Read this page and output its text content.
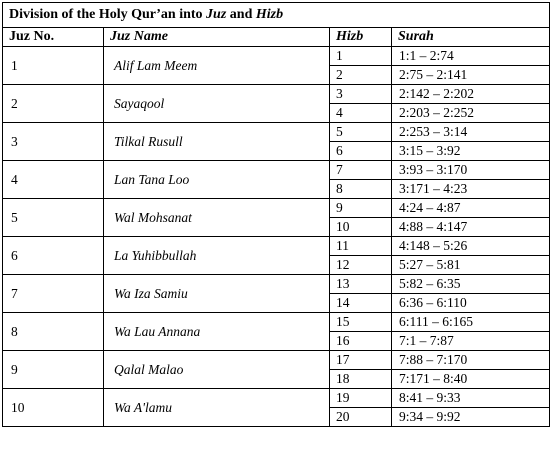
Division of the Holy Qur’an into Juz and Hizb			
Juz No.	Juz Name	Hizb	Surah
1	Alif Lam Meem	1	1:1 – 2:74
		2	2:75 – 2:141
2	Sayaqool	3	2:142 – 2:202
		4	2:203 – 2:252
3	Tilkal Rusull	5	2:253 – 3:14
		6	3:15 – 3:92
4	Lan Tana Loo	7	3:93 – 3:170
		8	3:171 – 4:23
5	Wal Mohsanat	9	4:24 – 4:87
		10	4:88 – 4:147
6	La Yuhibbullah	11	4:148 – 5:26
		12	5:27 – 5:81
7	Wa Iza Samiu	13	5:82 – 6:35
		14	6:36 – 6:110
8	Wa Lau Annana	15	6:111 – 6:165
		16	7:1 – 7:87
9	Qalal Malao	17	7:88 – 7:170
		18	7:171 – 8:40
10	Wa A'lamu	19	8:41 – 9:33
		20	9:34 – 9:92
